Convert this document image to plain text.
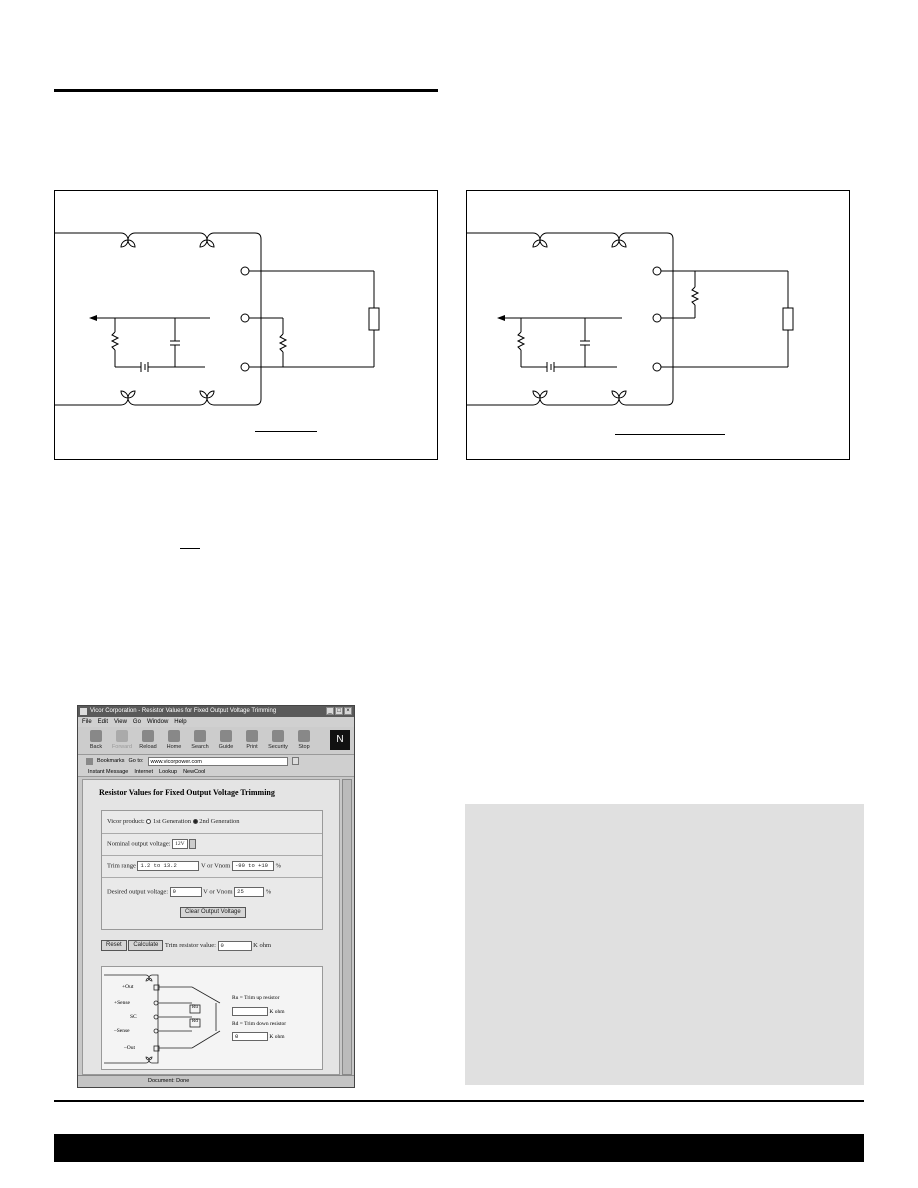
Vicor Corporation - Resistor Values for Fixed Output Voltage Trimming	_ □ ×
File Edit View Go Window Help
Back	Forward	Reload	Home	Search	Guide	Print	Security	Stop
N
Bookmarks Go to:	www.vicorpower.com
Instant Message Internet Lookup NewCool
Resistor Values for Fixed Output Voltage Trimming
Vicor product: 1st Generation 2nd Generation
Nominal output voltage: 12V
Trim range 1.2 to 13.2	V or Vnom -90 to +10 %
Desired output voltage: 9	V or Vnom 25	%
Clear Output Voltage
Reset Calculate Trim resistor value: 0	K ohm
+Out
+Sense
SC
–Sense
–Out
Ru
Rd
Ru = Trim up resistor
K ohm
Rd = Trim down resistor
0	K ohm
Document: Done
